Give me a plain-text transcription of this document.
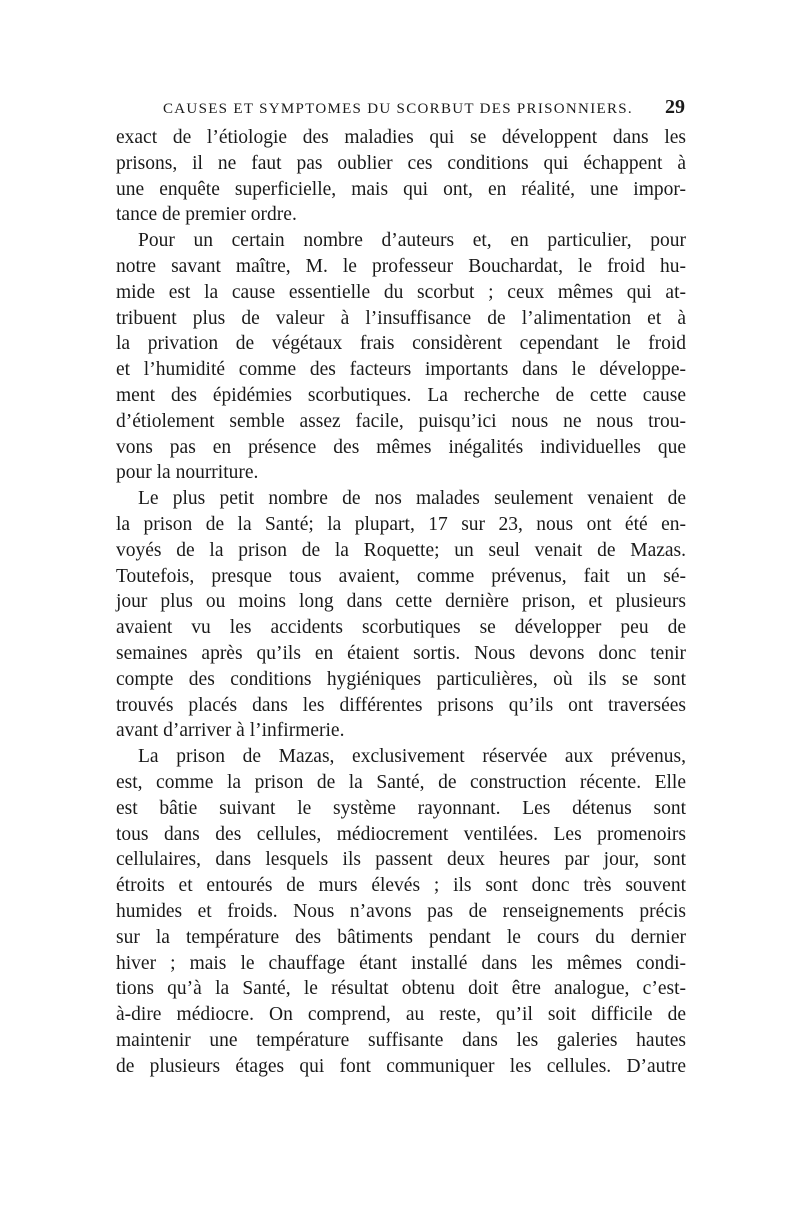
CAUSES ET SYMPTOMES DU SCORBUT DES PRISONNIERS. 29

exact de l’étiologie des maladies qui se développent dans les
prisons, il ne faut pas oublier ces conditions qui échappent à
une enquête superficielle, mais qui ont, en réalité, une impor-
tance de premier ordre.

Pour un certain nombre d’auteurs et, en particulier, pour
notre savant maître, M. le professeur Bouchardat, le froid hu-
mide est la cause essentielle du scorbut ; ceux mêmes qui at-
tribuent plus de valeur à l’insuffisance de l’alimentation et à
la privation de végétaux frais considèrent cependant le froid
et l’humidité comme des facteurs importants dans le développe-
ment des épidémies scorbutiques. La recherche de cette cause
d’étiolement semble assez facile, puisqu’ici nous ne nous trou-
vons pas en présence des mêmes inégalités individuelles que
pour la nourriture.

Le plus petit nombre de nos malades seulement venaient de
la prison de la Santé; la plupart, 17 sur 23, nous ont été en-
voyés de la prison de la Roquette; un seul venait de Mazas.
Toutefois, presque tous avaient, comme prévenus, fait un sé-
jour plus ou moins long dans cette dernière prison, et plusieurs
avaient vu les accidents scorbutiques se développer peu de
semaines après qu’ils en étaient sortis. Nous devons donc tenir
compte des conditions hygiéniques particulières, où ils se sont
trouvés placés dans les différentes prisons qu’ils ont traversées
avant d’arriver à l’infirmerie.

La prison de Mazas, exclusivement réservée aux prévenus,
est, comme la prison de la Santé, de construction récente. Elle
est bâtie suivant le système rayonnant. Les détenus sont
tous dans des cellules, médiocrement ventilées. Les promenoirs
cellulaires, dans lesquels ils passent deux heures par jour, sont
étroits et entourés de murs élevés ; ils sont donc très souvent
humides et froids. Nous n’avons pas de renseignements précis
sur la température des bâtiments pendant le cours du dernier
hiver ; mais le chauffage étant installé dans les mêmes condi-
tions qu’à la Santé, le résultat obtenu doit être analogue, c’est-
à-dire médiocre. On comprend, au reste, qu’il soit difficile de
maintenir une température suffisante dans les galeries hautes
de plusieurs étages qui font communiquer les cellules. D’autre
